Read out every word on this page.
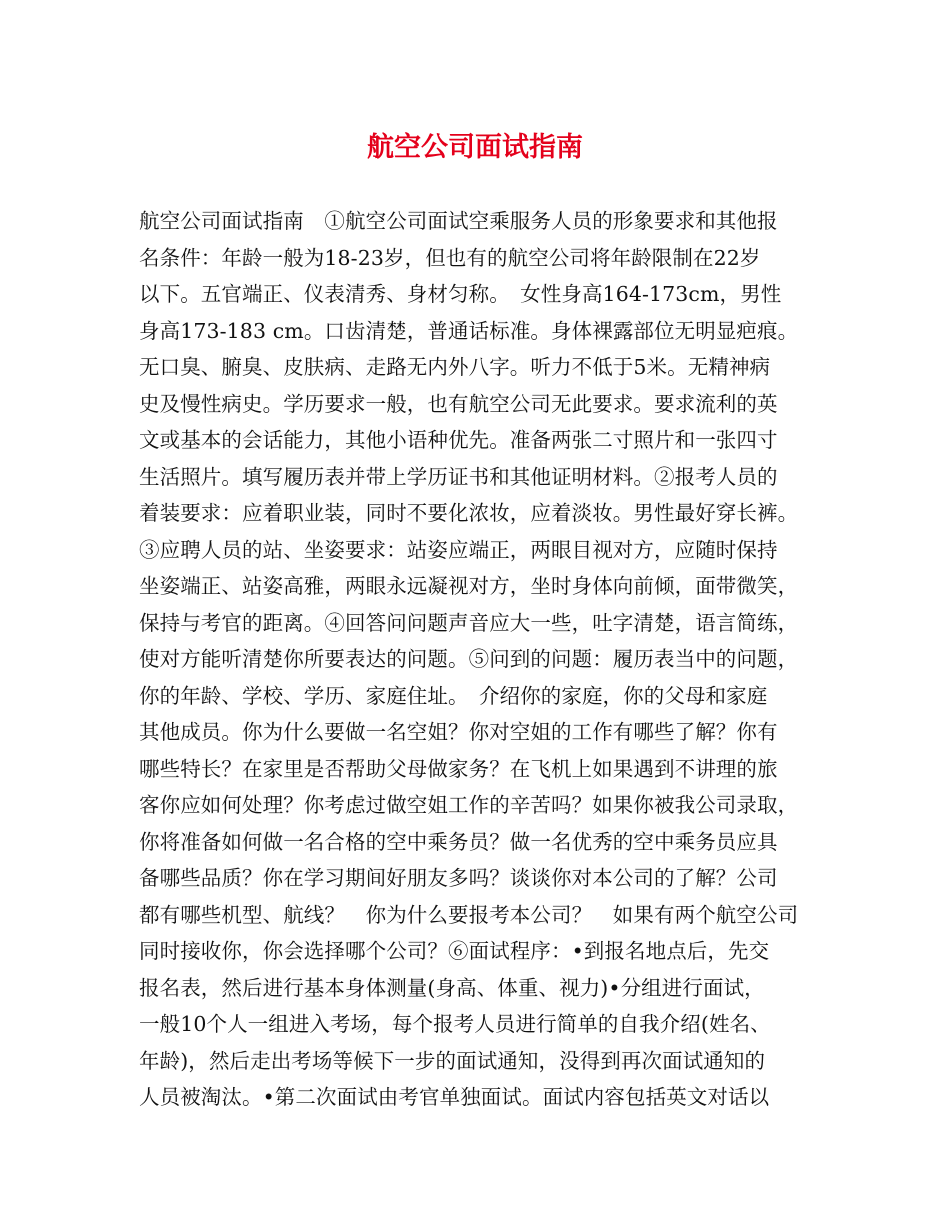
航空公司面试指南

航空公司面试指南　①航空公司面试空乘服务人员的形象要求和其他报
名条件：年龄一般为18-23岁，但也有的航空公司将年龄限制在22岁
以下。五官端正、仪表清秀、身材匀称。　女性身高164-173cm，男性
身高173-183 cm。口齿清楚，普通话标准。身体裸露部位无明显疤痕。
无口臭、腑臭、皮肤病、走路无内外八字。听力不低于5米。无精神病
史及慢性病史。学历要求一般，也有航空公司无此要求。要求流利的英
文或基本的会话能力，其他小语种优先。准备两张二寸照片和一张四寸
生活照片。填写履历表并带上学历证书和其他证明材料。②报考人员的
着装要求：应着职业装，同时不要化浓妆，应着淡妆。男性最好穿长裤。
③应聘人员的站、坐姿要求：站姿应端正，两眼目视对方，应随时保持
坐姿端正、站姿高雅，两眼永远凝视对方，坐时身体向前倾，面带微笑，
保持与考官的距离。④回答问问题声音应大一些，吐字清楚，语言简练，
使对方能听清楚你所要表达的问题。⑤问到的问题：履历表当中的问题，
你的年龄、学校、学历、家庭住址。　介绍你的家庭，你的父母和家庭
其他成员。你为什么要做一名空姐？你对空姐的工作有哪些了解？你有
哪些特长？在家里是否帮助父母做家务？在飞机上如果遇到不讲理的旅
客你应如何处理？你考虑过做空姐工作的辛苦吗？如果你被我公司录取，
你将准备如何做一名合格的空中乘务员？做一名优秀的空中乘务员应具
备哪些品质？你在学习期间好朋友多吗？谈谈你对本公司的了解？公司
都有哪些机型、航线？　你为什么要报考本公司？　如果有两个航空公司
同时接收你，你会选择哪个公司？⑥面试程序：•到报名地点后，先交
报名表，然后进行基本身体测量(身高、体重、视力)•分组进行面试，
一般10个人一组进入考场，每个报考人员进行简单的自我介绍(姓名、
年龄)，然后走出考场等候下一步的面试通知，没得到再次面试通知的
人员被淘汰。•第二次面试由考官单独面试。面试内容包括英文对话以
